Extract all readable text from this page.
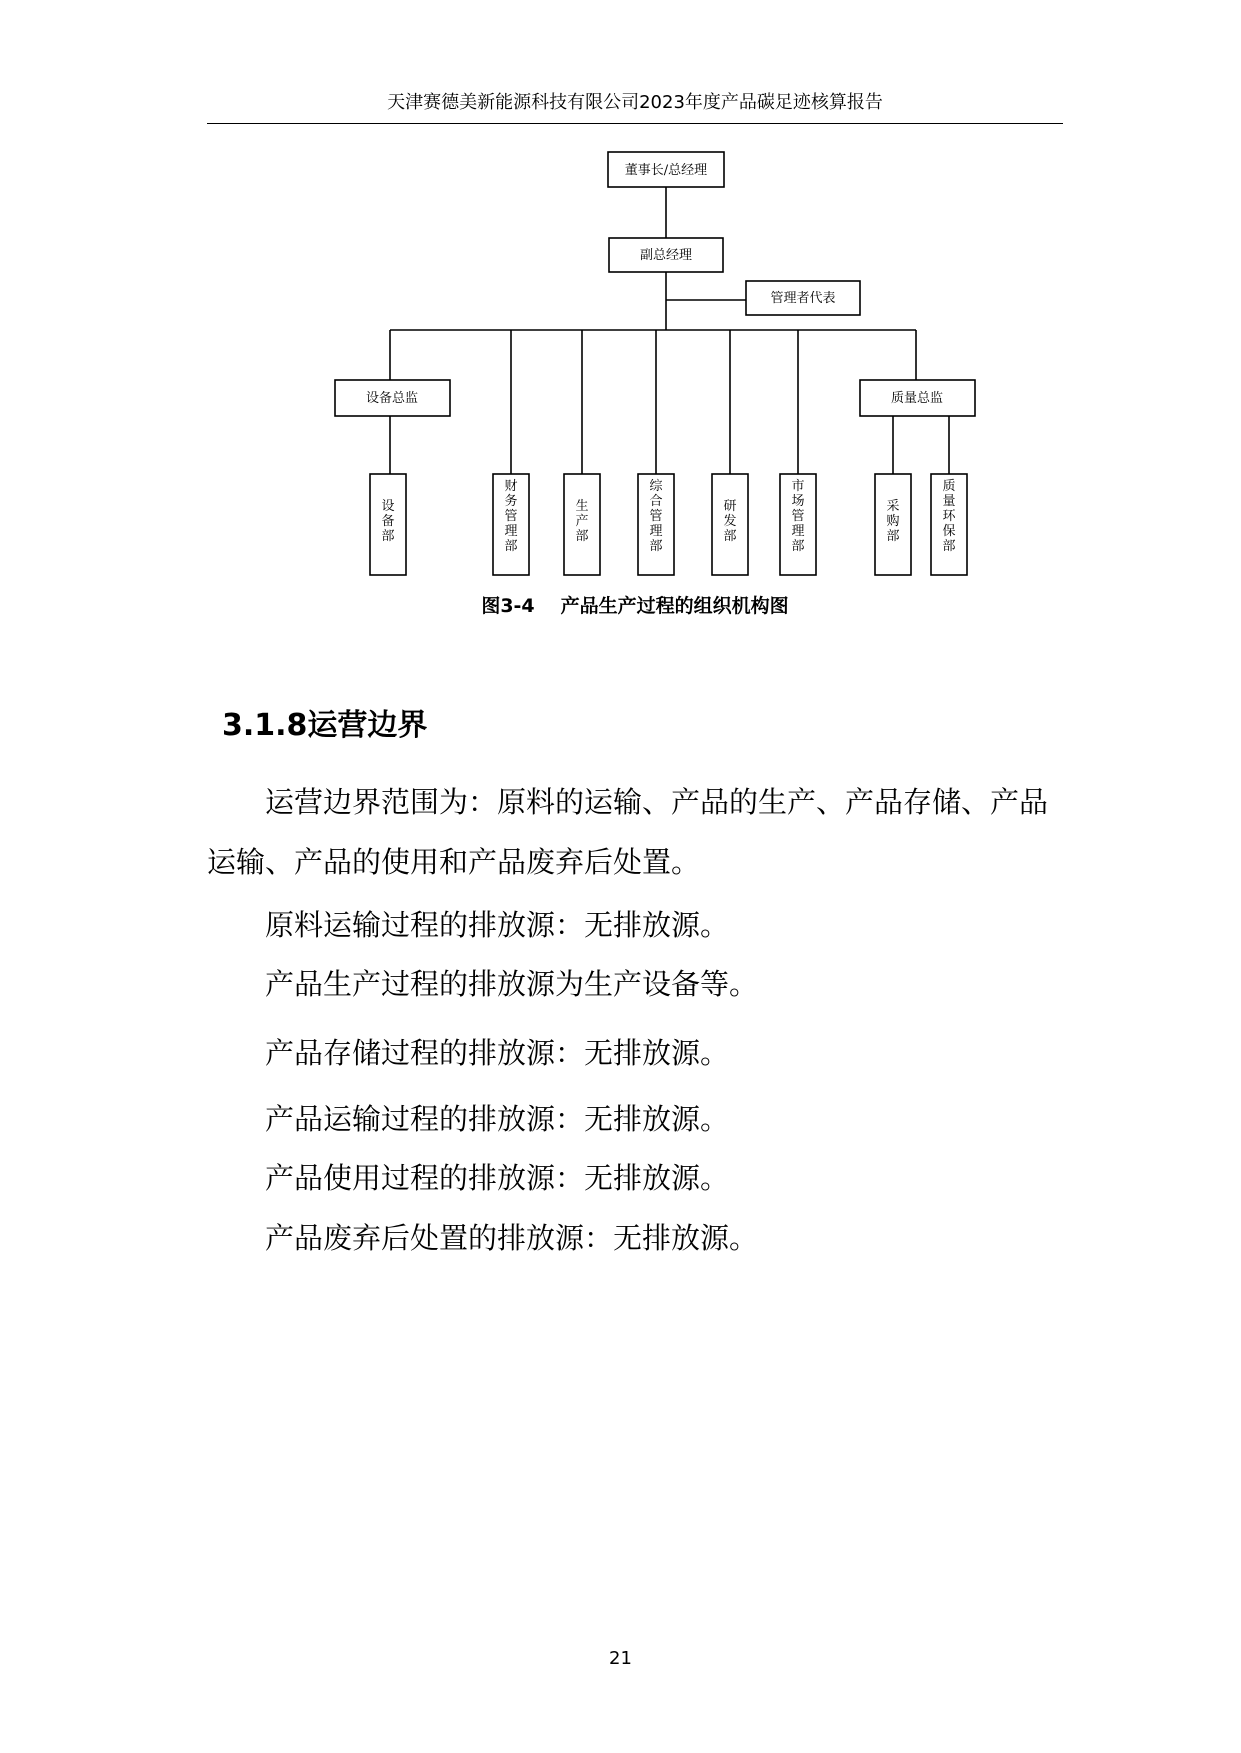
天津赛德美新能源科技有限公司2023年度产品碳足迹核算报告
董事长/总经理
副总经理
管理者代表
设备总监	质量总监
设备部
财务管理部
生产部
综合管理部
研发部
市场管理部
采购部
质量环保部
图3-4 产品生产过程的组织机构图
3.1.8运营边界
运营边界范围为：原料的运输、产品的生产、产品存储、产品运输、产品的使用和产品废弃后处置。
原料运输过程的排放源：无排放源。
产品生产过程的排放源为生产设备等。
产品存储过程的排放源：无排放源。
产品运输过程的排放源：无排放源。
产品使用过程的排放源：无排放源。
产品废弃后处置的排放源：无排放源。
21
